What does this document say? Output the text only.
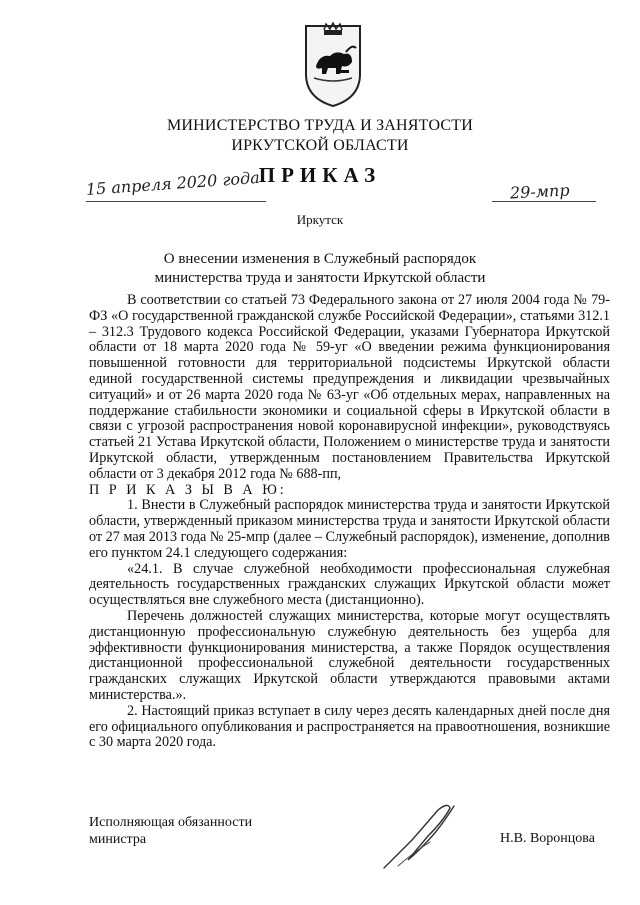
МИНИСТЕРСТВО ТРУДА И ЗАНЯТОСТИ
ИРКУТСКОЙ ОБЛАСТИ
ПРИКАЗ
15 апреля 2020 года	29-мпр
Иркутск
О внесении изменения в Служебный распорядок
министерства труда и занятости Иркутской области

В соответствии со статьей 73 Федерального закона от 27 июля 2004 года № 79-ФЗ «О государственной гражданской службе Российской Федерации», статьями 312.1 – 312.3 Трудового кодекса Российской Федерации, указами Губернатора Иркутской области от 18 марта 2020 года № 59-уг «О введении режима функционирования повышенной готовности для территориальной подсистемы Иркутской области единой государственной системы предупреждения и ликвидации чрезвычайных ситуаций» и от 26 марта 2020 года № 63-уг «Об отдельных мерах, направленных на поддержание стабильности экономики и социальной сферы в Иркутской области в связи с угрозой распространения новой коронавирусной инфекции», руководствуясь статьей 21 Устава Иркутской области, Положением о министерстве труда и занятости Иркутской области, утвержденным постановлением Правительства Иркутской области от 3 декабря 2012 года № 688-пп,

П Р И К А З Ы В А Ю:

1. Внести в Служебный распорядок министерства труда и занятости Иркутской области, утвержденный приказом министерства труда и занятости Иркутской области от 27 мая 2013 года № 25-мпр (далее – Служебный распорядок), изменение, дополнив его пунктом 24.1 следующего содержания:

«24.1. В случае служебной необходимости профессиональная служебная деятельность государственных гражданских служащих Иркутской области может осуществляться вне служебного места (дистанционно).

Перечень должностей служащих министерства, которые могут осуществлять дистанционную профессиональную служебную деятельность без ущерба для эффективности функционирования министерства, а также Порядок осуществления дистанционной профессиональной служебной деятельности государственных гражданских служащих Иркутской области утверждаются правовыми актами министерства.».

2. Настоящий приказ вступает в силу через десять календарных дней после дня его официального опубликования и распространяется на правоотношения, возникшие с 30 марта 2020 года.

Исполняющая обязанности
министра	Н.В. Воронцова
